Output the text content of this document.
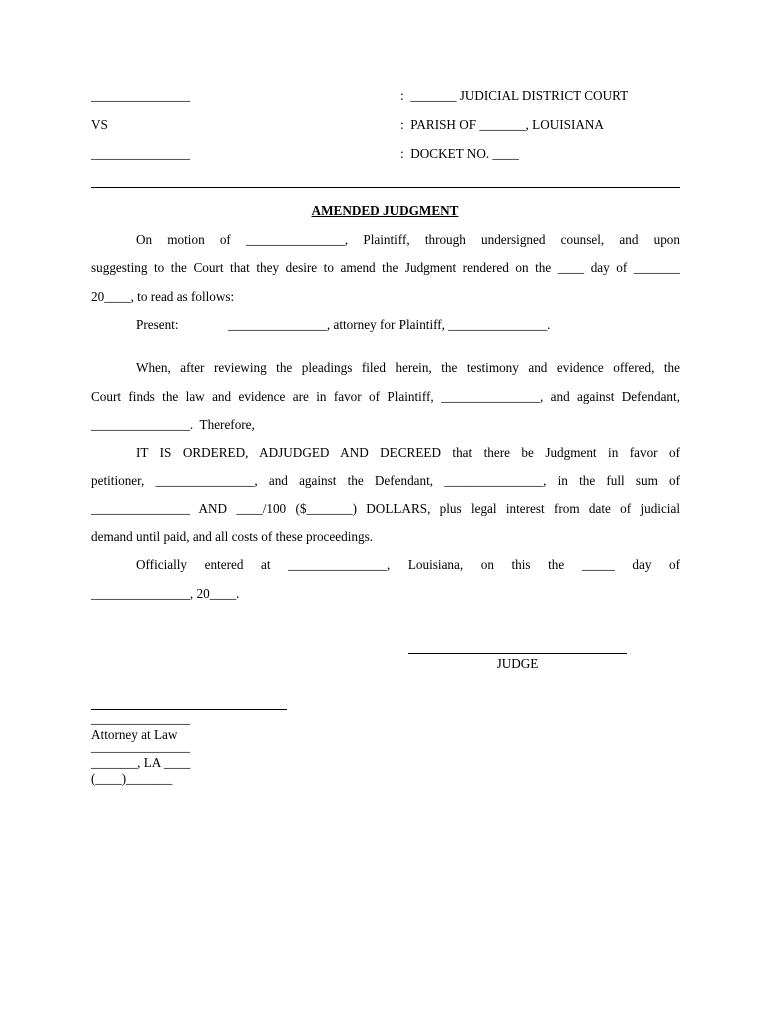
_______________
VS
_______________
:  _______ JUDICIAL DISTRICT COURT
:  PARISH OF _______, LOUISIANA
:  DOCKET NO. ____
AMENDED JUDGMENT
On motion of _______________, Plaintiff, through undersigned counsel, and upon
suggesting to the Court that they desire to amend the Judgment rendered on the ____ day of _______
20____, to read as follows:
Present:	_______________, attorney for Plaintiff, _______________.
When, after reviewing the pleadings filed herein, the testimony and evidence offered, the
Court finds the law and evidence are in favor of Plaintiff, _______________, and against Defendant,
_______________.  Therefore,
IT IS ORDERED, ADJUDGED AND DECREED that there be Judgment in favor of
petitioner, _______________, and against the Defendant, _______________, in the full sum of
_______________ AND ____/100 ($_______) DOLLARS, plus legal interest from date of judicial
demand until paid, and all costs of these proceedings.
Officially entered at _______________, Louisiana, on this the _____ day of
_______________, 20____.
JUDGE
_______________
Attorney at Law
_______________
_______, LA ____
(____)_______
